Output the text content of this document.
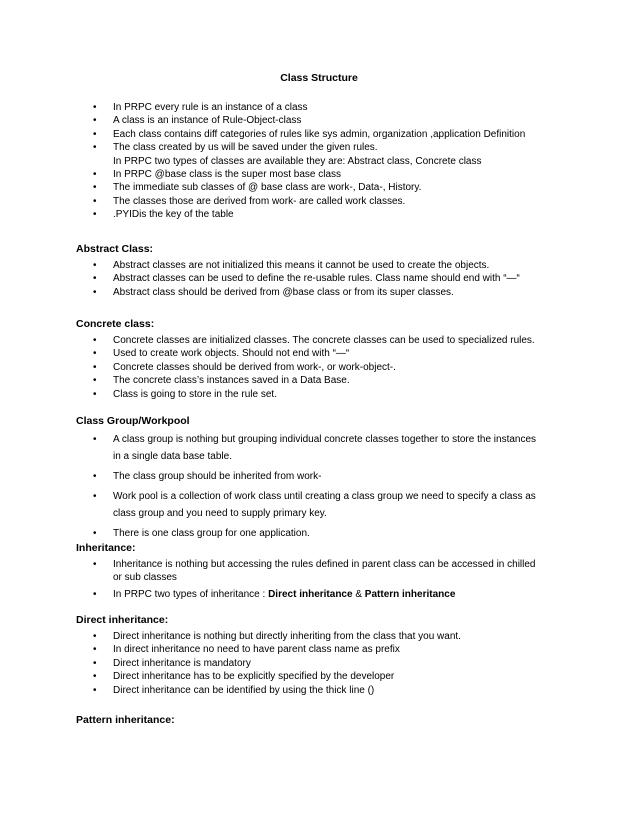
Class Structure
• In PRPC every rule is an instance of a class
• A class is an instance of Rule-Object-class
• Each class contains diff categories of rules like sys admin, organization ,application Definition
• The class created by us will be saved under the given rules.
In PRPC two types of classes are available they are: Abstract class, Concrete class
• In PRPC @base class is the super most base class
• The immediate sub classes of @ base class are work-, Data-, History.
• The classes those are derived from work- are called work classes.
• .PYIDis the key of the table
Abstract Class:
• Abstract classes are not initialized this means it cannot be used to create the objects.
• Abstract classes can be used to define the re-usable rules. Class name should end with “—“
• Abstract class should be derived from @base class or from its super classes.
Concrete class:
• Concrete classes are initialized classes. The concrete classes can be used to specialized rules.
• Used to create work objects. Should not end with “—“
• Concrete classes should be derived from work-, or work-object-.
• The concrete class’s instances saved in a Data Base.
• Class is going to store in the rule set.
Class Group/Workpool
• A class group is nothing but grouping individual concrete classes together to store the instances
in a single data base table.
• The class group should be inherited from work-
• Work pool is a collection of work class until creating a class group we need to specify a class as
class group and you need to supply primary key.
• There is one class group for one application.
Inheritance:
• Inheritance is nothing but accessing the rules defined in parent class can be accessed in chilled
or sub classes
• In PRPC two types of inheritance : Direct inheritance & Pattern inheritance
Direct inheritance:
• Direct inheritance is nothing but directly inheriting from the class that you want.
• In direct inheritance no need to have parent class name as prefix
• Direct inheritance is mandatory
• Direct inheritance has to be explicitly specified by the developer
• Direct inheritance can be identified by using the thick line ()
Pattern inheritance:
